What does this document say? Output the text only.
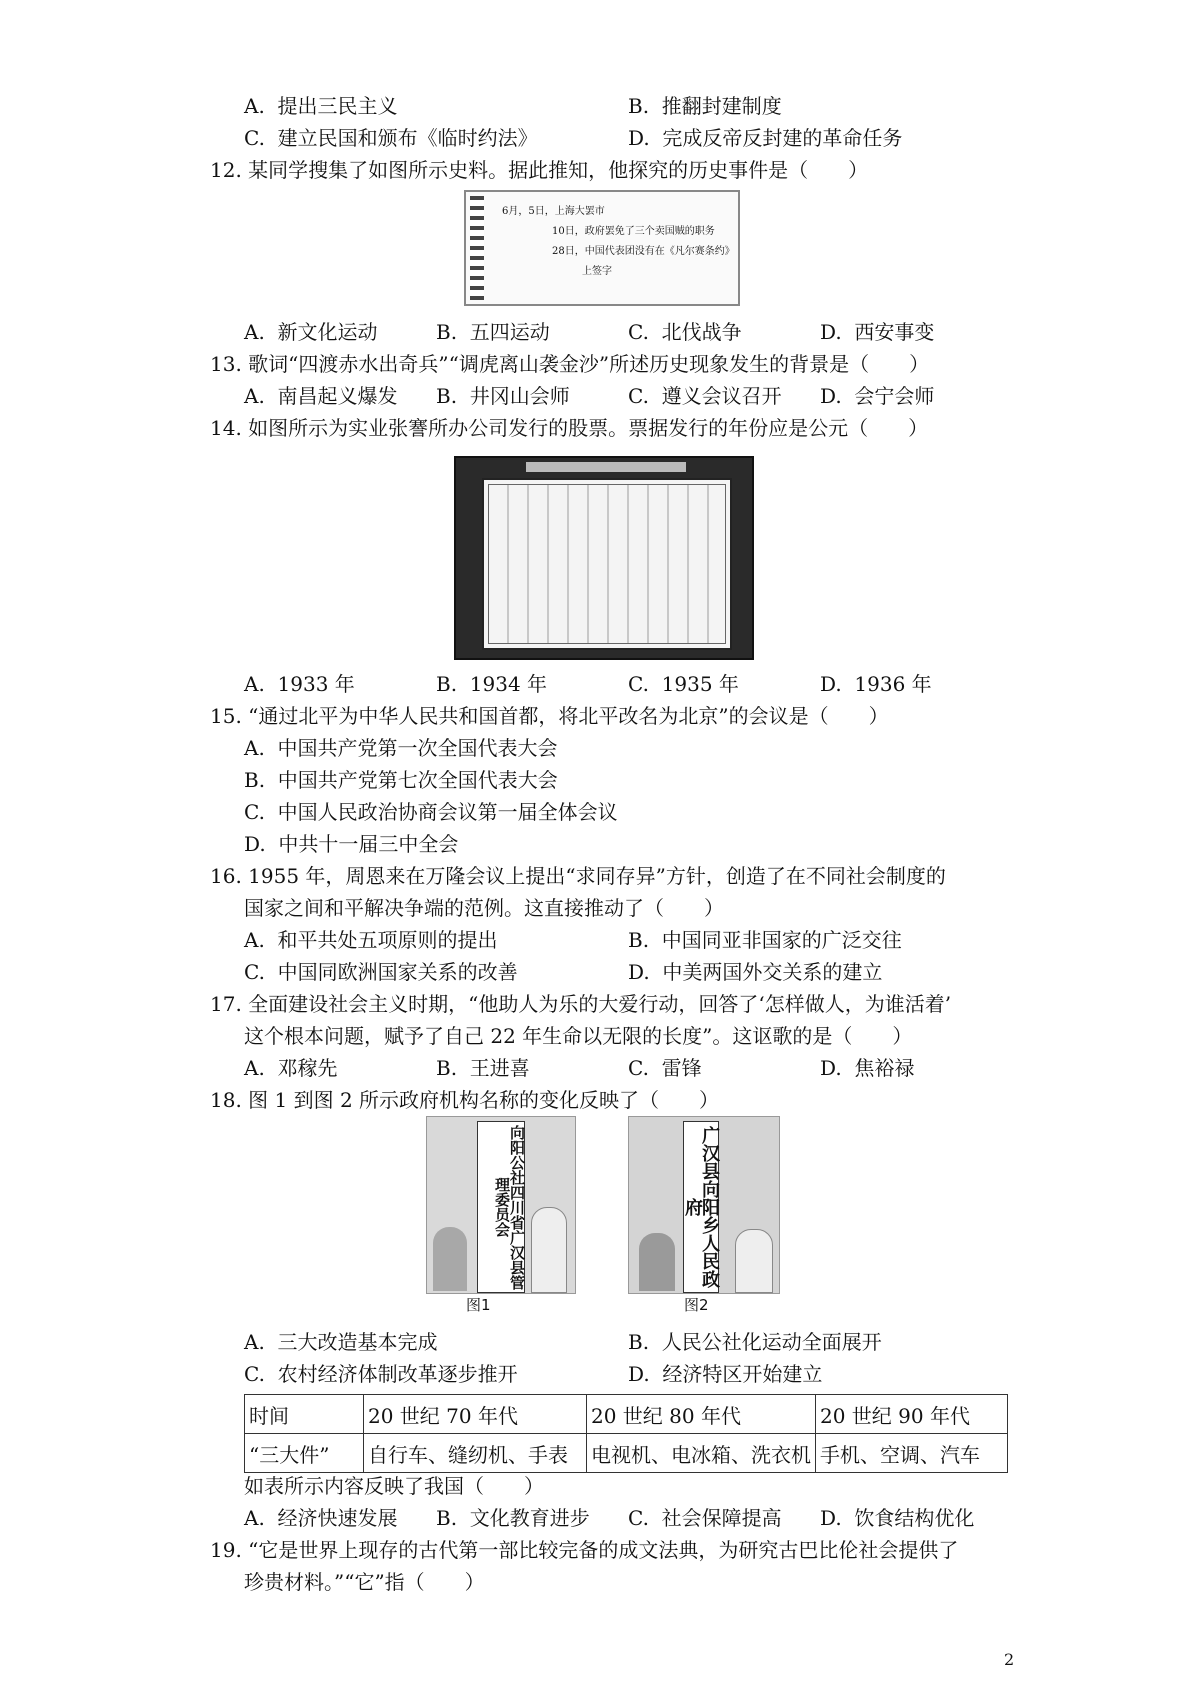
A. 提出三民主义	B. 推翻封建制度
C. 建立民国和颁布《临时约法》	D. 完成反帝反封建的革命任务
12. 某同学搜集了如图所示史料。据此推知，他探究的历史事件是（　　）
6月，5日，上海大罢市
10日，政府罢免了三个卖国贼的职务
28日，中国代表团没有在《凡尔赛条约》
上签字
A. 新文化运动	B. 五四运动	C. 北伐战争	D. 西安事变
13. 歌词“四渡赤水出奇兵”“调虎离山袭金沙”所述历史现象发生的背景是（　　）
A. 南昌起义爆发 B. 井冈山会师	C. 遵义会议召开 D. 会宁会师
14. 如图所示为实业张謇所办公司发行的股票。票据发行的年份应是公元（　　）
A. 1933 年	B. 1934 年	C. 1935 年	D. 1936 年
15. “通过北平为中华人民共和国首都，将北平改名为北京”的会议是（　　）
A. 中国共产党第一次全国代表大会
B. 中国共产党第七次全国代表大会
C. 中国人民政治协商会议第一届全体会议
D. 中共十一届三中全会
16. 1955 年，周恩来在万隆会议上提出“求同存异”方针，创造了在不同社会制度的
国家之间和平解决争端的范例。这直接推动了（　　）
A. 和平共处五项原则的提出	B. 中国同亚非国家的广泛交往
C. 中国同欧洲国家关系的改善	D. 中美两国外交关系的建立
17. 全面建设社会主义时期，“他助人为乐的大爱行动，回答了‘怎样做人，为谁活着’
这个根本问题，赋予了自己 22 年生命以无限的长度”。这讴歌的是（　　）
A. 邓稼先	B. 王进喜	C. 雷锋	D. 焦裕禄
18. 图 1 到图 2 所示政府机构名称的变化反映了（　　）
向阳公社四川省广汉县管理委员会
图1
广汉县向阳乡人民政府
图2
A. 三大改造基本完成	B. 人民公社化运动全面展开
C. 农村经济体制改革逐步推开	D. 经济特区开始建立
时间	20 世纪 70 年代	20 世纪 80 年代	20 世纪 90 年代
“三大件”	自行车、缝纫机、手表	电视机、电冰箱、洗衣机	手机、空调、汽车
如表所示内容反映了我国（　　）
A. 经济快速发展 B. 文化教育进步 C. 社会保障提高 D. 饮食结构优化
19. “它是世界上现存的古代第一部比较完备的成文法典，为研究古巴比伦社会提供了
珍贵材料。”“它”指（　　）
2
